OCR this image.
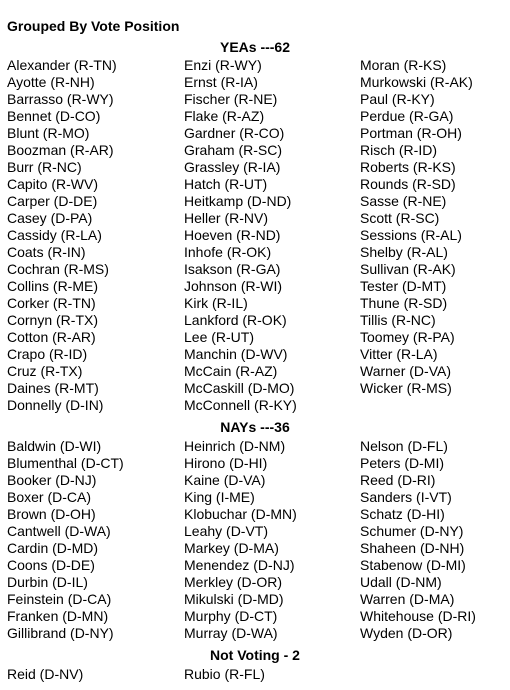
Grouped By Vote Position
YEAs ---62
Alexander (R-TN)
Ayotte (R-NH)
Barrasso (R-WY)
Bennet (D-CO)
Blunt (R-MO)
Boozman (R-AR)
Burr (R-NC)
Capito (R-WV)
Carper (D-DE)
Casey (D-PA)
Cassidy (R-LA)
Coats (R-IN)
Cochran (R-MS)
Collins (R-ME)
Corker (R-TN)
Cornyn (R-TX)
Cotton (R-AR)
Crapo (R-ID)
Cruz (R-TX)
Daines (R-MT)
Donnelly (D-IN)
Enzi (R-WY)
Ernst (R-IA)
Fischer (R-NE)
Flake (R-AZ)
Gardner (R-CO)
Graham (R-SC)
Grassley (R-IA)
Hatch (R-UT)
Heitkamp (D-ND)
Heller (R-NV)
Hoeven (R-ND)
Inhofe (R-OK)
Isakson (R-GA)
Johnson (R-WI)
Kirk (R-IL)
Lankford (R-OK)
Lee (R-UT)
Manchin (D-WV)
McCain (R-AZ)
McCaskill (D-MO)
McConnell (R-KY)
Moran (R-KS)
Murkowski (R-AK)
Paul (R-KY)
Perdue (R-GA)
Portman (R-OH)
Risch (R-ID)
Roberts (R-KS)
Rounds (R-SD)
Sasse (R-NE)
Scott (R-SC)
Sessions (R-AL)
Shelby (R-AL)
Sullivan (R-AK)
Tester (D-MT)
Thune (R-SD)
Tillis (R-NC)
Toomey (R-PA)
Vitter (R-LA)
Warner (D-VA)
Wicker (R-MS)
NAYs ---36
Baldwin (D-WI)
Blumenthal (D-CT)
Booker (D-NJ)
Boxer (D-CA)
Brown (D-OH)
Cantwell (D-WA)
Cardin (D-MD)
Coons (D-DE)
Durbin (D-IL)
Feinstein (D-CA)
Franken (D-MN)
Gillibrand (D-NY)
Heinrich (D-NM)
Hirono (D-HI)
Kaine (D-VA)
King (I-ME)
Klobuchar (D-MN)
Leahy (D-VT)
Markey (D-MA)
Menendez (D-NJ)
Merkley (D-OR)
Mikulski (D-MD)
Murphy (D-CT)
Murray (D-WA)
Nelson (D-FL)
Peters (D-MI)
Reed (D-RI)
Sanders (I-VT)
Schatz (D-HI)
Schumer (D-NY)
Shaheen (D-NH)
Stabenow (D-MI)
Udall (D-NM)
Warren (D-MA)
Whitehouse (D-RI)
Wyden (D-OR)
Not Voting - 2
Reid (D-NV)	Rubio (R-FL)
